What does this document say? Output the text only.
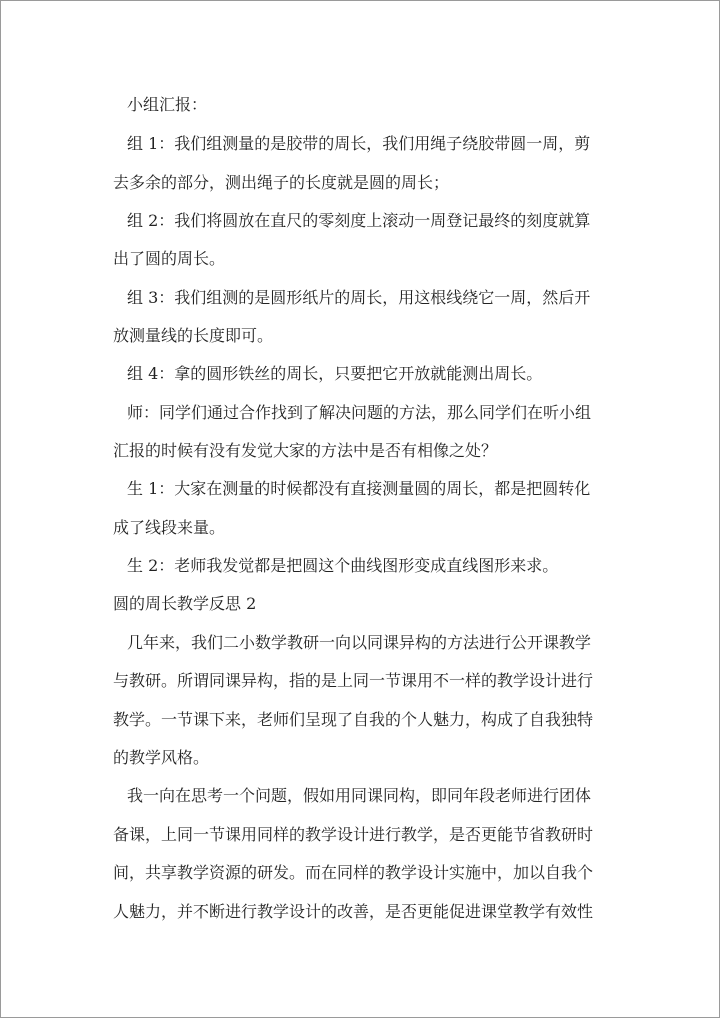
小组汇报：
组 1：我们组测量的是胶带的周长，我们用绳子绕胶带圆一周，剪
去多余的部分，测出绳子的长度就是圆的周长；
组 2：我们将圆放在直尺的零刻度上滚动一周登记最终的刻度就算
出了圆的周长。
组 3：我们组测的是圆形纸片的周长，用这根线绕它一周，然后开
放测量线的长度即可。
组 4：拿的圆形铁丝的周长，只要把它开放就能测出周长。
师：同学们通过合作找到了解决问题的方法，那么同学们在听小组
汇报的时候有没有发觉大家的方法中是否有相像之处？
生 1：大家在测量的时候都没有直接测量圆的周长，都是把圆转化
成了线段来量。
生 2：老师我发觉都是把圆这个曲线图形变成直线图形来求。
圆的周长教学反思 2
几年来，我们二小数学教研一向以同课异构的方法进行公开课教学
与教研。所谓同课异构，指的是上同一节课用不一样的教学设计进行
教学。一节课下来，老师们呈现了自我的个人魅力，构成了自我独特
的教学风格。
我一向在思考一个问题，假如用同课同构，即同年段老师进行团体
备课，上同一节课用同样的教学设计进行教学，是否更能节省教研时
间，共享教学资源的研发。而在同样的教学设计实施中，加以自我个
人魅力，并不断进行教学设计的改善，是否更能促进课堂教学有效性
